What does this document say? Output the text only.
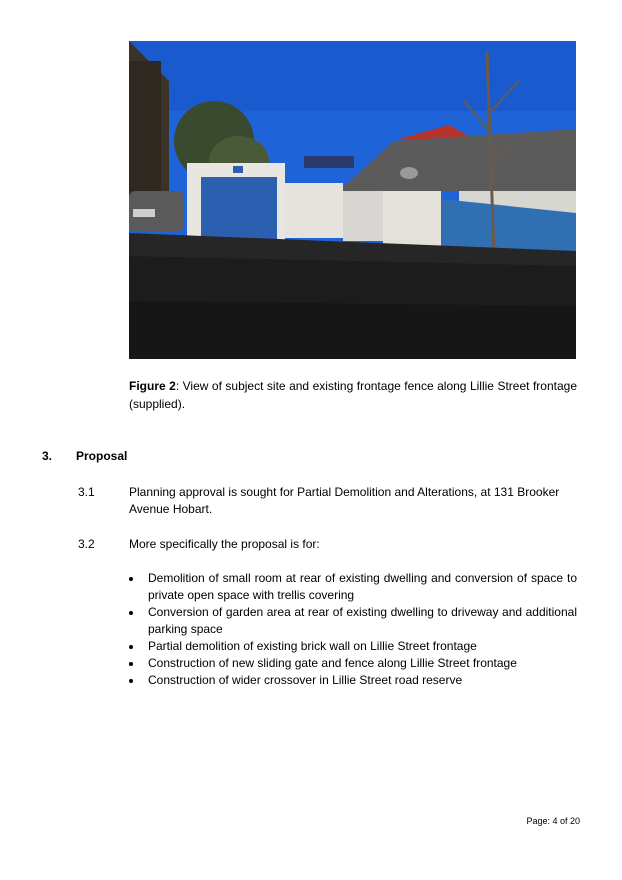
Figure 2: View of subject site and existing frontage fence along Lillie Street frontage (supplied).
3. Proposal
3.1	Planning approval is sought for Partial Demolition and Alterations, at 131 Brooker Avenue Hobart.
3.2	More specifically the proposal is for:
Demolition of small room at rear of existing dwelling and conversion of space to private open space with trellis covering
Conversion of garden area at rear of existing dwelling to driveway and additional parking space
Partial demolition of existing brick wall on Lillie Street frontage
Construction of new sliding gate and fence along Lillie Street frontage
Construction of wider crossover in Lillie Street road reserve
Page: 4 of 20
